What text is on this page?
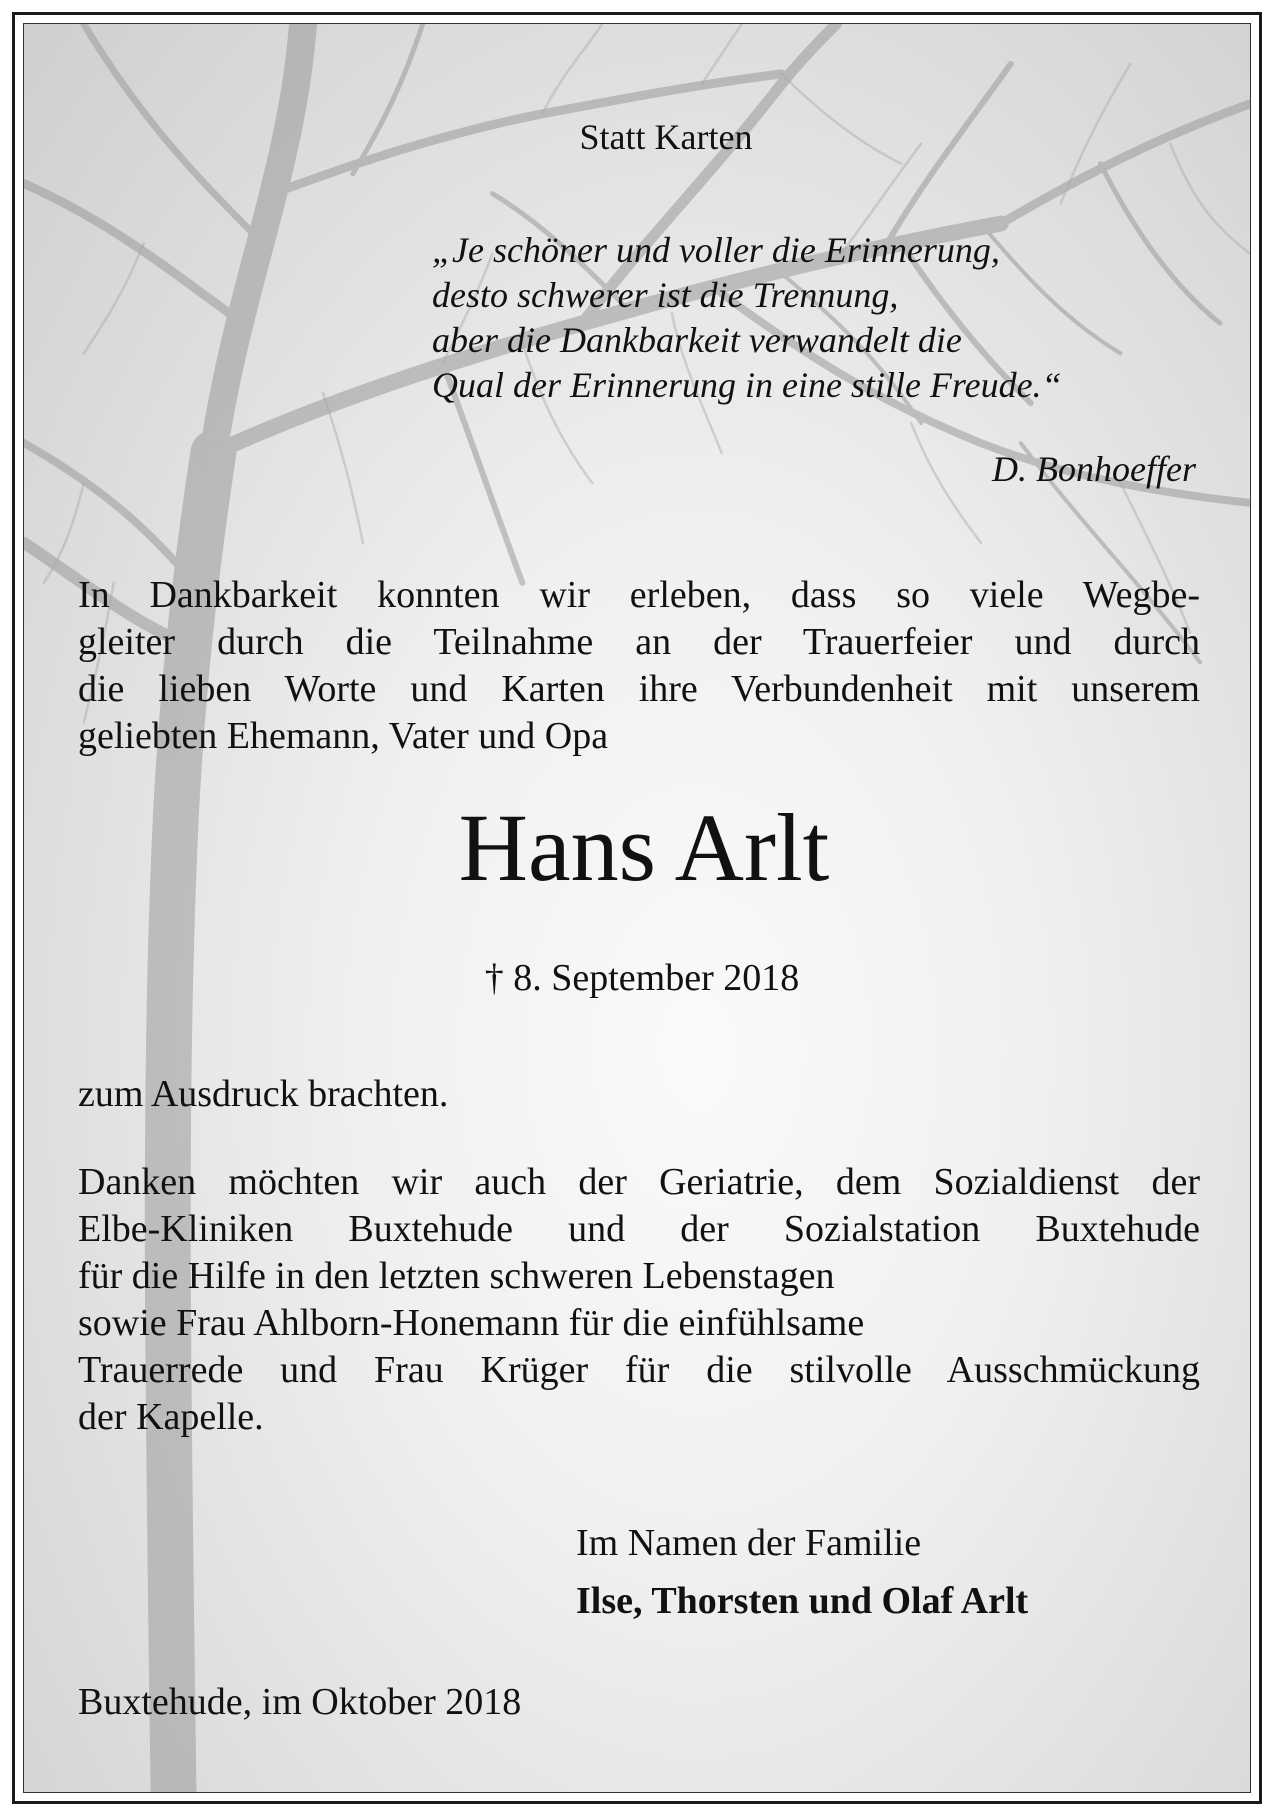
Statt Karten

„Je schöner und voller die Erinnerung,
desto schwerer ist die Trennung,
aber die Dankbarkeit verwandelt die
Qual der Erinnerung in eine stille Freude.“

D. Bonhoeffer

In Dankbarkeit konnten wir erleben, dass so viele Wegbe-
gleiter durch die Teilnahme an der Trauerfeier und durch
die lieben Worte und Karten ihre Verbundenheit mit unserem
geliebten Ehemann, Vater und Opa

Hans Arlt

† 8. September 2018

zum Ausdruck brachten.

Danken möchten wir auch der Geriatrie, dem Sozialdienst der
Elbe-Kliniken Buxtehude und der Sozialstation Buxtehude
für die Hilfe in den letzten schweren Lebenstagen
sowie Frau Ahlborn-Honemann für die einfühlsame
Trauerrede und Frau Krüger für die stilvolle Ausschmückung
der Kapelle.
Im Namen der Familie
Ilse, Thorsten und Olaf Arlt

Buxtehude, im Oktober 2018
